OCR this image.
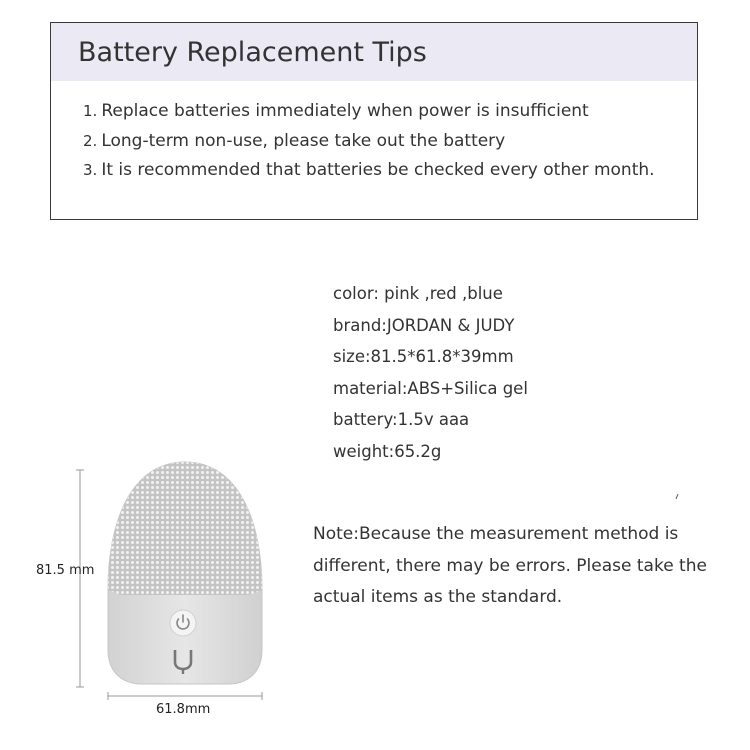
Battery Replacement Tips
1. Replace batteries immediately when power is insufficient
2. Long-term non-use, please take out the battery
3. It is recommended that batteries be checked every other month.
color: pink ,red ,blue
brand:JORDAN & JUDY
size:81.5*61.8*39mm
material:ABS+Silica gel
battery:1.5v aaa
weight:65.2g
Note:Because the measurement method is different, there may be errors. Please take the actual items as the standard.
81.5 mm
61.8mm
